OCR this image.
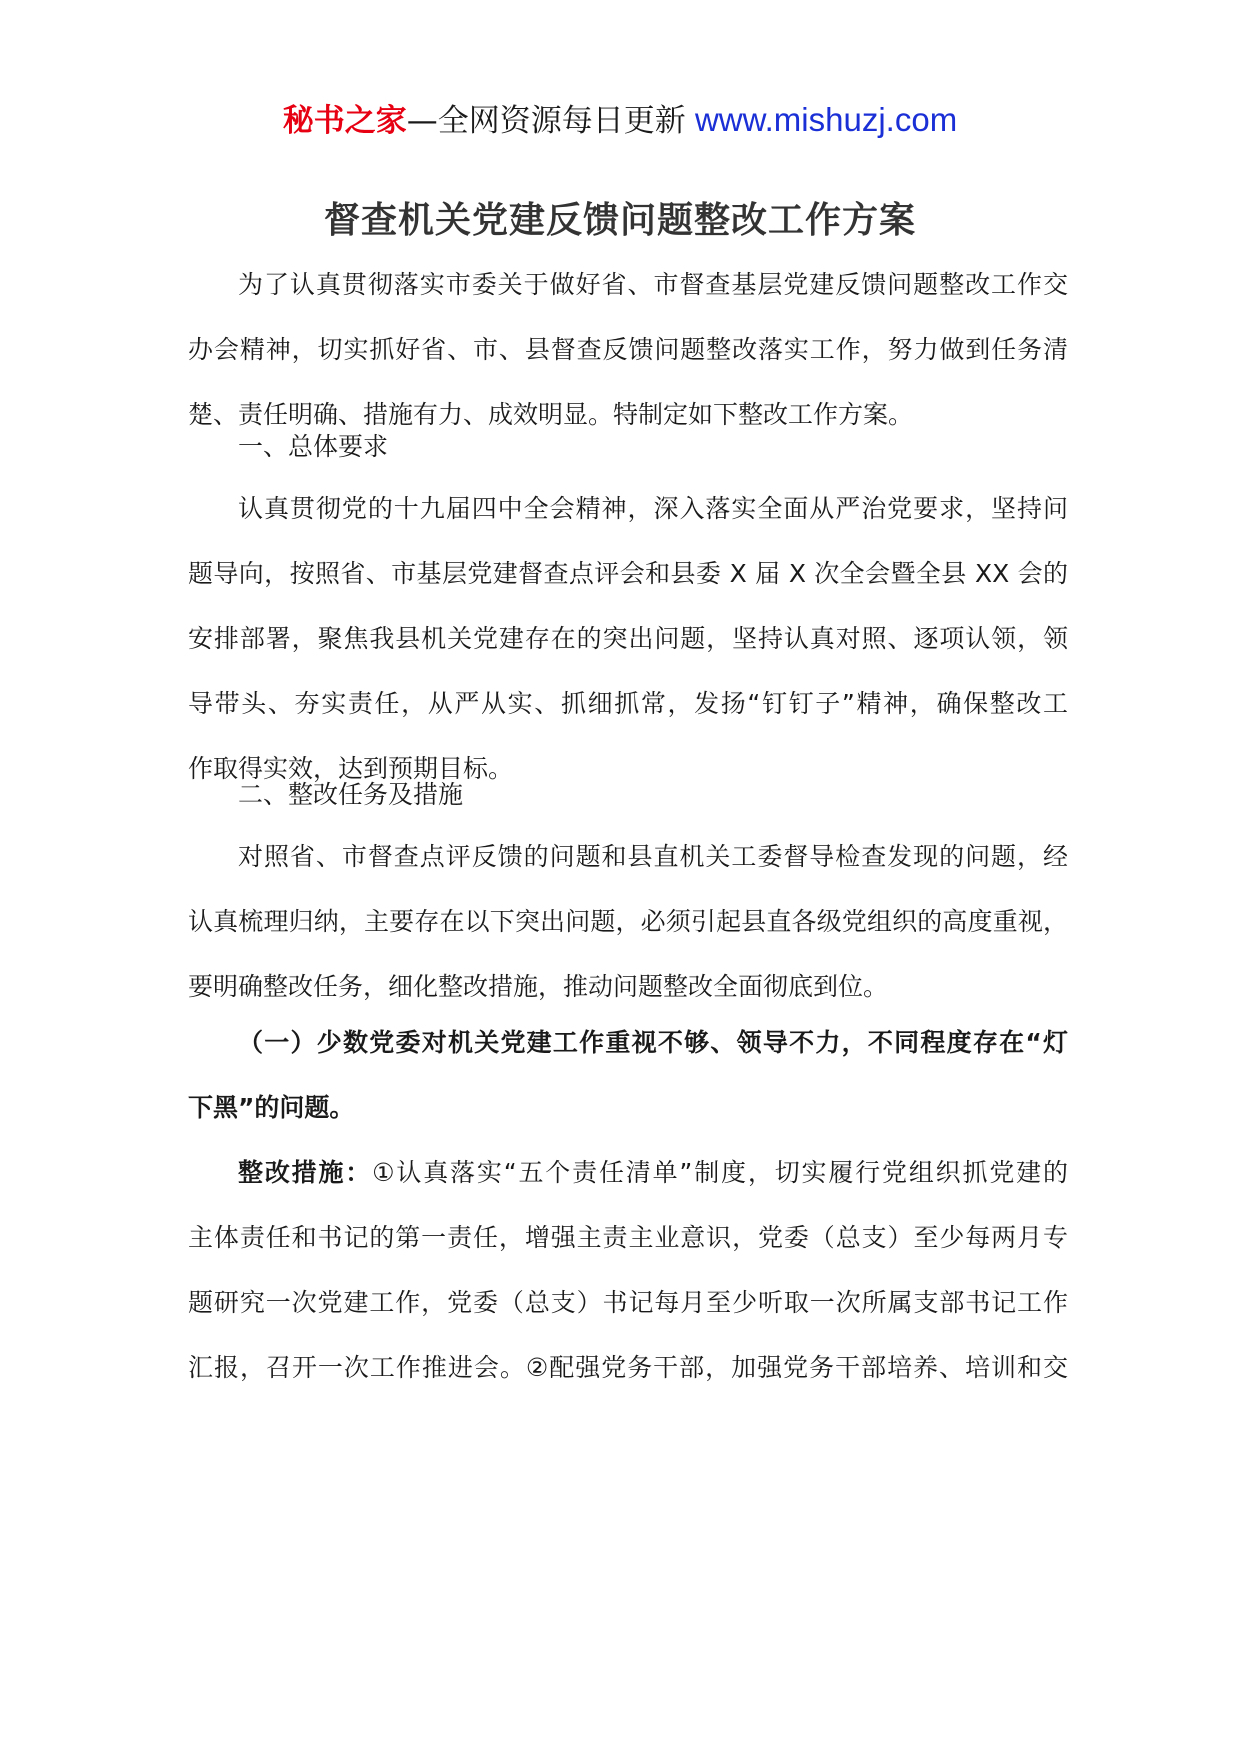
秘书之家—全网资源每日更新 www.mishuzj.com
督查机关党建反馈问题整改工作方案
为了认真贯彻落实市委关于做好省、市督查基层党建反馈问题整改工作交
办会精神，切实抓好省、市、县督查反馈问题整改落实工作，努力做到任务清
楚、责任明确、措施有力、成效明显。特制定如下整改工作方案。
一、总体要求
认真贯彻党的十九届四中全会精神，深入落实全面从严治党要求，坚持问
题导向，按照省、市基层党建督查点评会和县委 X 届 X 次全会暨全县 XX 会的
安排部署，聚焦我县机关党建存在的突出问题，坚持认真对照、逐项认领，领
导带头、夯实责任，从严从实、抓细抓常，发扬“钉钉子”精神，确保整改工
作取得实效，达到预期目标。
二、整改任务及措施
对照省、市督查点评反馈的问题和县直机关工委督导检查发现的问题，经
认真梳理归纳，主要存在以下突出问题，必须引起县直各级党组织的高度重视，
要明确整改任务，细化整改措施，推动问题整改全面彻底到位。
（一）少数党委对机关党建工作重视不够、领导不力，不同程度存在“灯
下黑”的问题。
整改措施：①认真落实“五个责任清单”制度，切实履行党组织抓党建的
主体责任和书记的第一责任，增强主责主业意识，党委（总支）至少每两月专
题研究一次党建工作，党委（总支）书记每月至少听取一次所属支部书记工作
汇报，召开一次工作推进会。②配强党务干部，加强党务干部培养、培训和交
